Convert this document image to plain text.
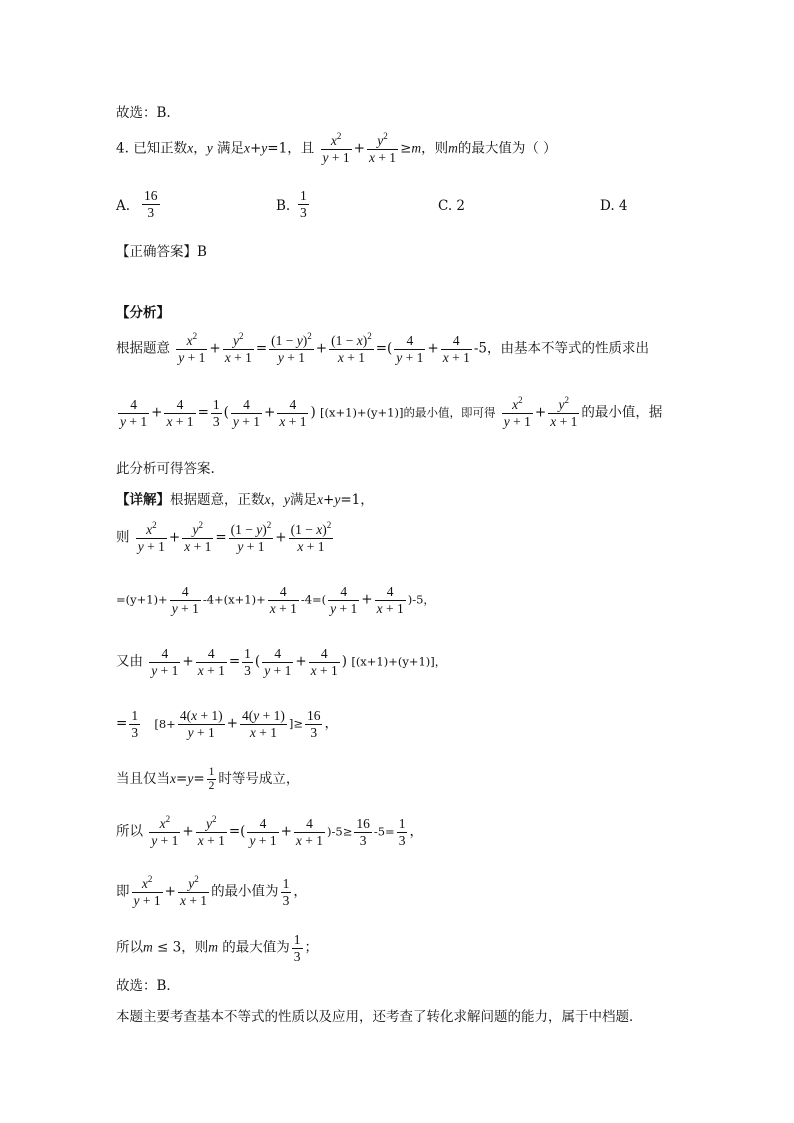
故选：B.
4. 已知正数x，y 满足x+y=1，且 $\frac{x^2}{y + 1} + \frac{y^2}{x + 1} \ge m$，则m的最大值为（ ）
A. $\frac{16}{3}$	B. $\frac{1}{3}$	C. 2	D. 4
【正确答案】B
【分析】
根据题意 $\frac{x^2}{y + 1} + \frac{y^2}{x + 1} = \frac{(1 - y)^2}{y + 1} + \frac{(1 - x)^2}{x + 1}$ =( $\frac{4}{y + 1} + \frac{4}{x + 1} -5$，由基本不等式的性质求出
$\frac{4}{y + 1} + \frac{4}{x + 1} = \frac{1}{3}$ ( $\frac{4}{y + 1} + \frac{4}{x + 1}$ ) [(x+1)+(y+1)]的最小值，即可得 $\frac{x^2}{y + 1} + \frac{y^2}{x + 1}$ 的最小值，据
此分析可得答案.
【详解】根据题意，正数x，y满足x+y=1，
则 $\frac{x^2}{y + 1} + \frac{y^2}{x + 1} = \frac{(1 - y)^2}{y + 1} + \frac{(1 - x)^2}{x + 1}$
$=(y+1)+ \frac{4}{y + 1} -4+(x+1)+ \frac{4}{x + 1} -4=( \frac{4}{y + 1} + \frac{4}{x + 1} )-5$，
又由 $\frac{4}{y + 1} + \frac{4}{x + 1} = \frac{1}{3}$ ( $\frac{4}{y + 1} + \frac{4}{x + 1}$ ) [(x+1)+(y+1)]，
= $\frac{1}{3} [8+ \frac{4(x + 1)}{y + 1} + \frac{4(y + 1)}{x + 1}$ ]≥ $\frac{16}{3}$ ，
当且仅当$x=y= \frac{1}{2}$ 时等号成立，
所以 $\frac{x^2}{y + 1} + \frac{y^2}{x + 1}$ =( $\frac{4}{y + 1} + \frac{4}{x + 1} )-5\ge \frac{16}{3} -5= \frac{1}{3}$ ，
即 $\frac{x^2}{y + 1} + \frac{y^2}{x + 1}$ 的最小值为 $\frac{1}{3}$ ，
所以m ≤ 3，则m 的最大值为 $\frac{1}{3}$ ；
故选：B．
本题主要考查基本不等式的性质以及应用，还考查了转化求解问题的能力，属于中档题．
